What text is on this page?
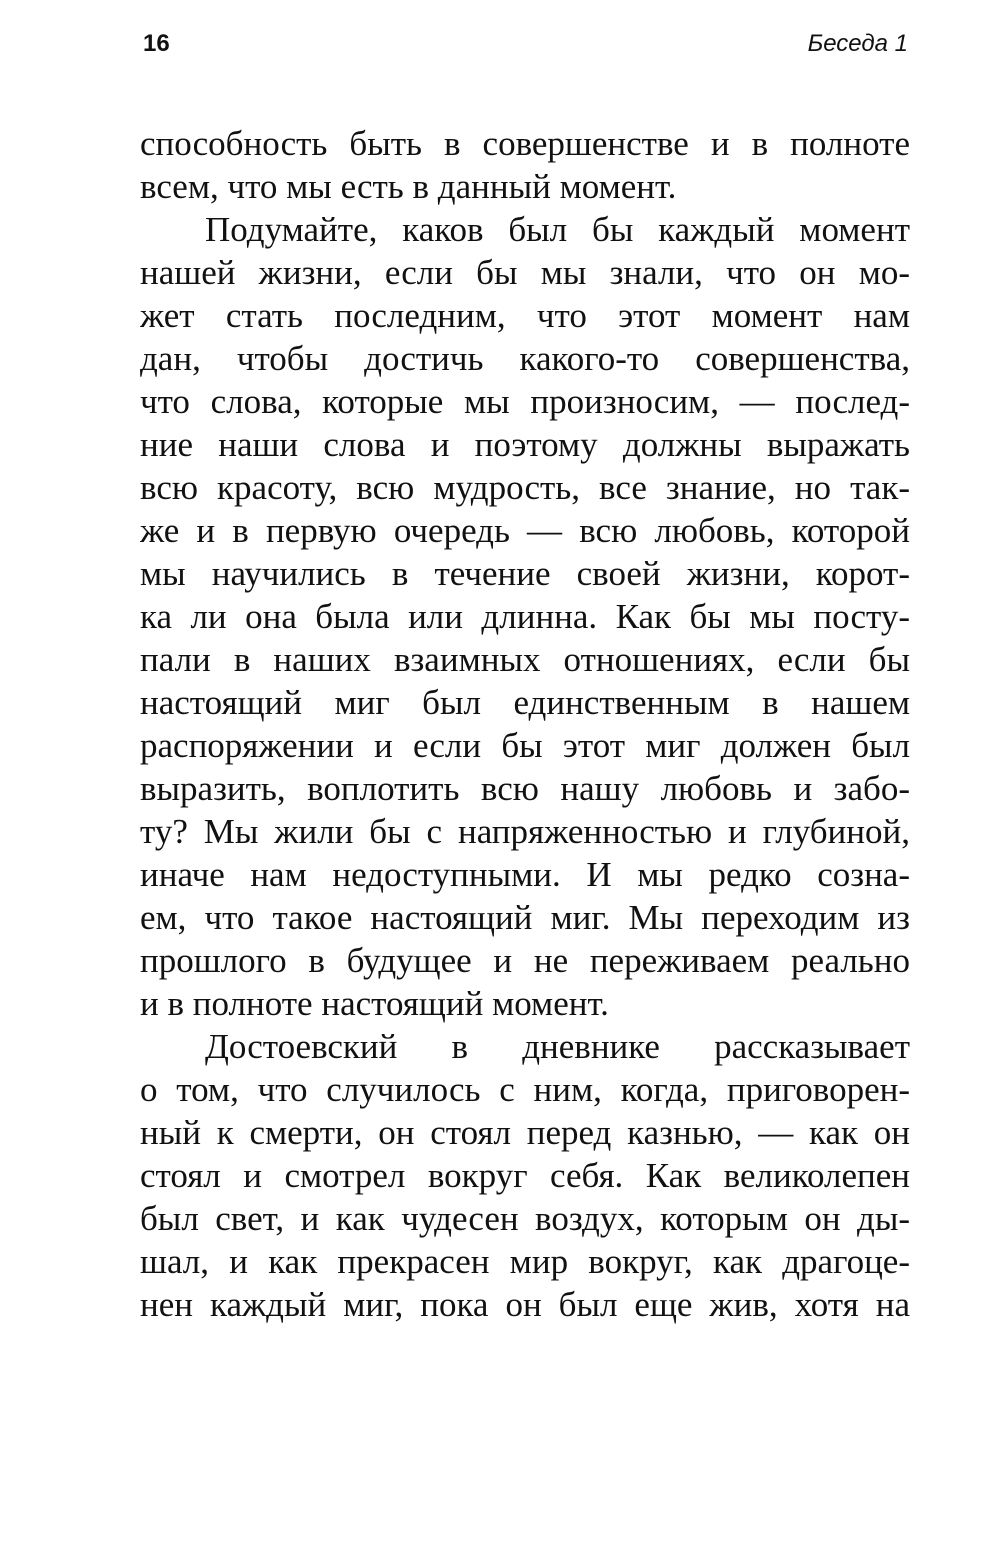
16	Беседа 1
способность быть в совершенстве и в полноте
всем, что мы есть в данный момент.
Подумайте, каков был бы каждый момент
нашей жизни, если бы мы знали, что он мо-
жет стать последним, что этот момент нам
дан, чтобы достичь какого-то совершенства,
что слова, которые мы произносим, — послед-
ние наши слова и поэтому должны выражать
всю красоту, всю мудрость, все знание, но так-
же и в первую очередь — всю любовь, которой
мы научились в течение своей жизни, корот-
ка ли она была или длинна. Как бы мы посту-
пали в наших взаимных отношениях, если бы
настоящий миг был единственным в нашем
распоряжении и если бы этот миг должен был
выразить, воплотить всю нашу любовь и забо-
ту? Мы жили бы с напряженностью и глубиной,
иначе нам недоступными. И мы редко созна-
ем, что такое настоящий миг. Мы переходим из
прошлого в будущее и не переживаем реально
и в полноте настоящий момент.
Достоевский в дневнике рассказывает
о том, что случилось с ним, когда, приговорен-
ный к смерти, он стоял перед казнью, — как он
стоял и смотрел вокруг себя. Как великолепен
был свет, и как чудесен воздух, которым он ды-
шал, и как прекрасен мир вокруг, как драгоце-
нен каждый миг, пока он был еще жив, хотя на
